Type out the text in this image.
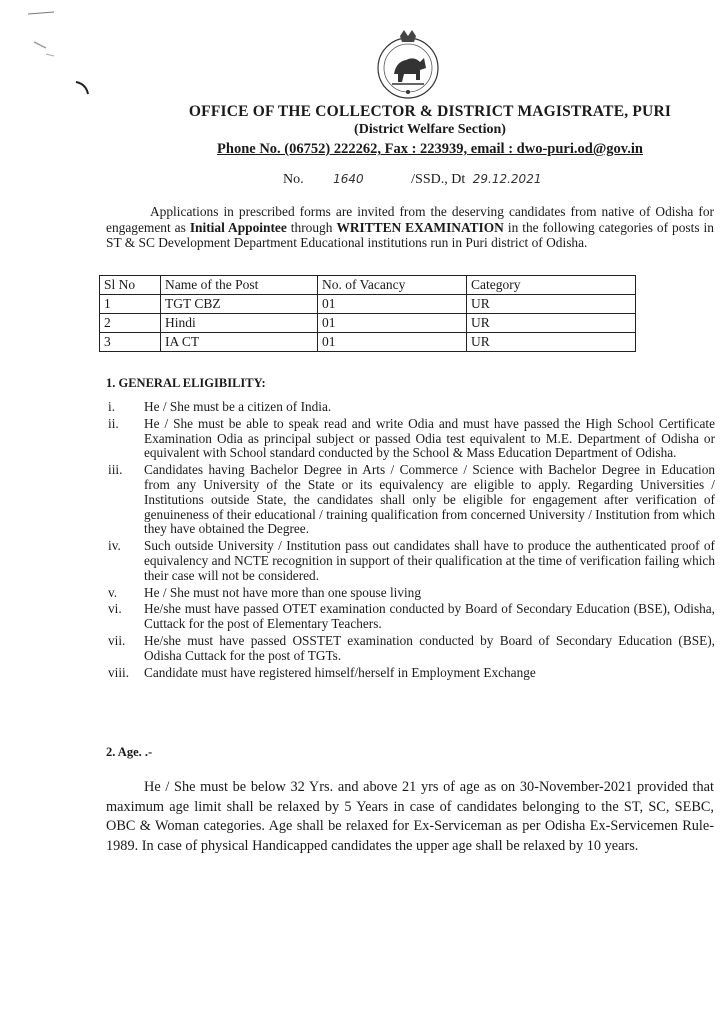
OFFICE OF THE COLLECTOR & DISTRICT MAGISTRATE, PURI
(District Welfare Section)
Phone No. (06752) 222262, Fax : 223939, email : dwo-puri.od@gov.in
No. 1640	/SSD., Dt 29.12.2021

Applications in prescribed forms are invited from the deserving candidates from native of Odisha for engagement as Initial Appointee through WRITTEN EXAMINATION in the following categories of posts in ST & SC Development Department Educational institutions run in Puri district of Odisha.

Sl No	Name of the Post	No. of Vacancy	Category
1	TGT CBZ	01	UR
2	Hindi	01	UR
3	IA CT	01	UR
1. GENERAL ELIGIBILITY:
i.	He / She must be a citizen of India.
ii.	He / She must be able to speak read and write Odia and must have passed the High School Certificate Examination Odia as principal subject or passed Odia test equivalent to M.E. Department of Odisha or equivalent with School standard conducted by the School & Mass Education Department of Odisha.
iii.	Candidates having Bachelor Degree in Arts / Commerce / Science with Bachelor Degree in Education from any University of the State or its equivalency are eligible to apply. Regarding Universities / Institutions outside State, the candidates shall only be eligible for engagement after verification of genuineness of their educational / training qualification from concerned University / Institution from which they have obtained the Degree.
iv.	Such outside University / Institution pass out candidates shall have to produce the authenticated proof of equivalency and NCTE recognition in support of their qualification at the time of verification failing which their case will not be considered.
v.	He / She must not have more than one spouse living
vi.	He/she must have passed OTET examination conducted by Board of Secondary Education (BSE), Odisha, Cuttack for the post of Elementary Teachers.
vii.	He/she must have passed OSSTET examination conducted by Board of Secondary Education (BSE), Odisha Cuttack for the post of TGTs.
viii.	Candidate must have registered himself/herself in Employment Exchange
2. Age. .-

He / She must be below 32 Yrs. and above 21 yrs of age as on 30-November-2021 provided that maximum age limit shall be relaxed by 5 Years in case of candidates belonging to the ST, SC, SEBC, OBC & Woman categories. Age shall be relaxed for Ex-Serviceman as per Odisha Ex-Servicemen Rule-1989. In case of physical Handicapped candidates the upper age shall be relaxed by 10 years.
